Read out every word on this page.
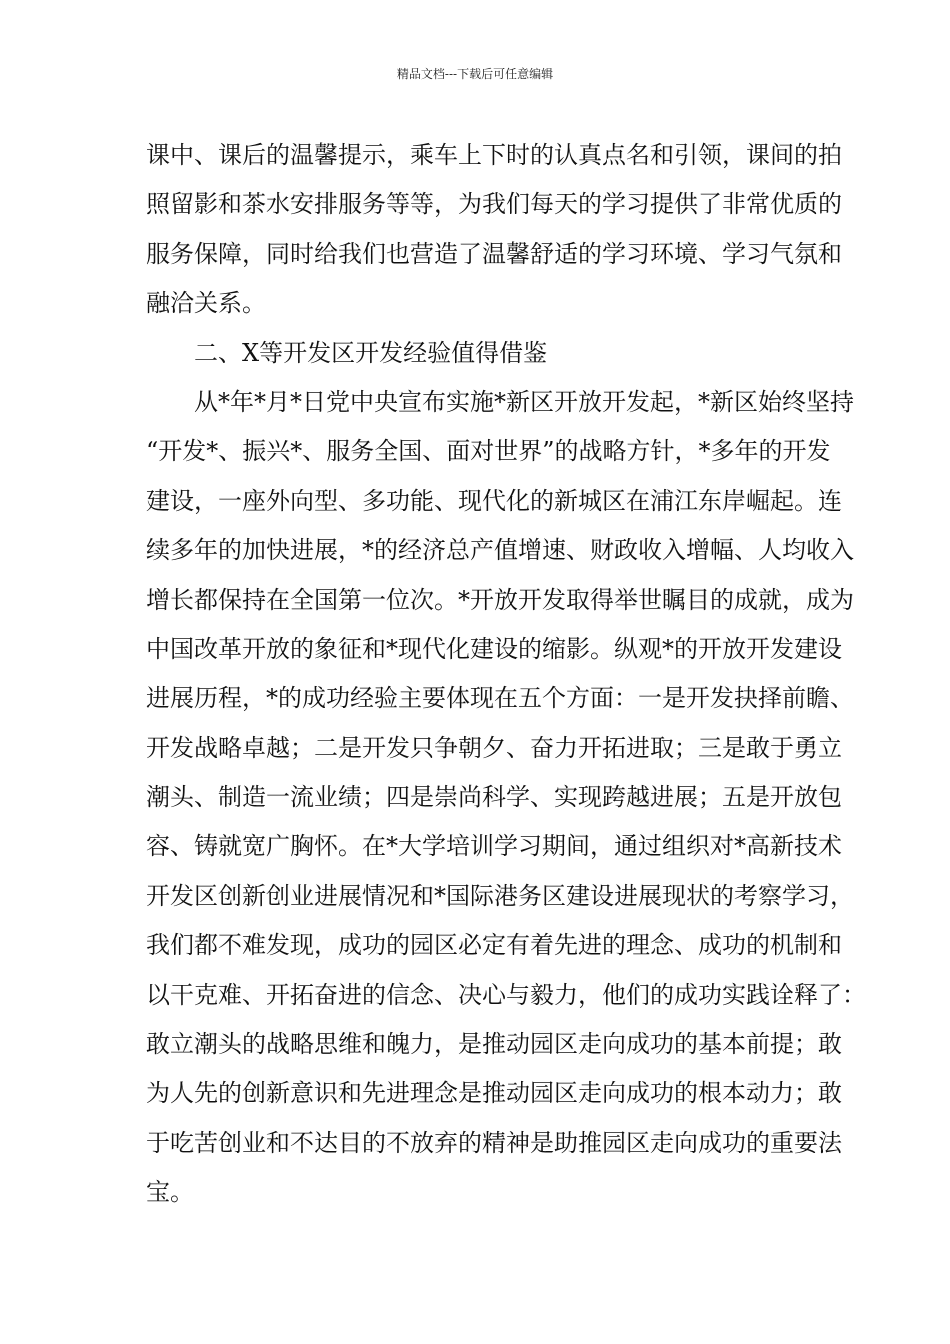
精品文档---下载后可任意编辑
课中、课后的温馨提示，乘车上下时的认真点名和引领，课间的拍
照留影和茶水安排服务等等，为我们每天的学习提供了非常优质的
服务保障，同时给我们也营造了温馨舒适的学习环境、学习气氛和
融洽关系。
二、X等开发区开发经验值得借鉴
从*年*月*日党中央宣布实施*新区开放开发起，*新区始终坚持
“开发*、振兴*、服务全国、面对世界”的战略方针，*多年的开发
建设，一座外向型、多功能、现代化的新城区在浦江东岸崛起。连
续多年的加快进展，*的经济总产值增速、财政收入增幅、人均收入
增长都保持在全国第一位次。*开放开发取得举世瞩目的成就，成为
中国改革开放的象征和*现代化建设的缩影。纵观*的开放开发建设
进展历程，*的成功经验主要体现在五个方面：一是开发抉择前瞻、
开发战略卓越；二是开发只争朝夕、奋力开拓进取；三是敢于勇立
潮头、制造一流业绩；四是崇尚科学、实现跨越进展；五是开放包
容、铸就宽广胸怀。在*大学培训学习期间，通过组织对*高新技术
开发区创新创业进展情况和*国际港务区建设进展现状的考察学习，
我们都不难发现，成功的园区必定有着先进的理念、成功的机制和
以干克难、开拓奋进的信念、决心与毅力，他们的成功实践诠释了：
敢立潮头的战略思维和魄力，是推动园区走向成功的基本前提；敢
为人先的创新意识和先进理念是推动园区走向成功的根本动力；敢
于吃苦创业和不达目的不放弃的精神是助推园区走向成功的重要法
宝。
